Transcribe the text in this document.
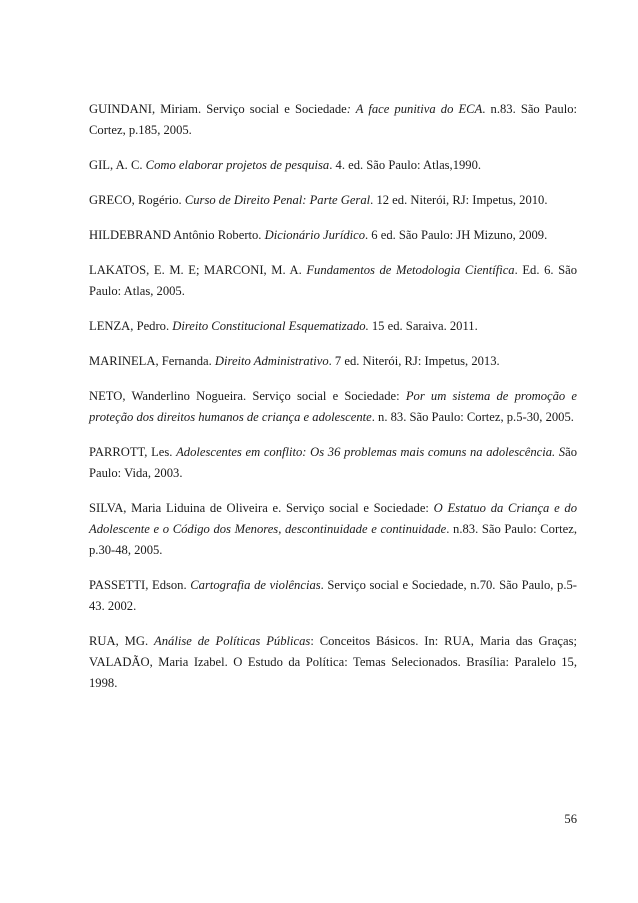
GUINDANI, Miriam. Serviço social e Sociedade: A face punitiva do ECA. n.83. São Paulo: Cortez, p.185, 2005.

GIL, A. C. Como elaborar projetos de pesquisa. 4. ed. São Paulo: Atlas,1990.

GRECO, Rogério. Curso de Direito Penal: Parte Geral. 12 ed. Niterói, RJ: Impetus, 2010.

HILDEBRAND Antônio Roberto. Dicionário Jurídico. 6 ed. São Paulo: JH Mizuno, 2009.

LAKATOS, E. M. E; MARCONI, M. A. Fundamentos de Metodologia Científica. Ed. 6. São Paulo: Atlas, 2005.

LENZA, Pedro. Direito Constitucional Esquematizado. 15 ed. Saraiva. 2011.

MARINELA, Fernanda. Direito Administrativo. 7 ed. Niterói, RJ: Impetus, 2013.

NETO, Wanderlino Nogueira. Serviço social e Sociedade: Por um sistema de promoção e proteção dos direitos humanos de criança e adolescente. n. 83. São Paulo: Cortez, p.5-30, 2005.

PARROTT, Les. Adolescentes em conflito: Os 36 problemas mais comuns na adolescência. São Paulo: Vida, 2003.

SILVA, Maria Liduina de Oliveira e. Serviço social e Sociedade: O Estatuo da Criança e do Adolescente e o Código dos Menores, descontinuidade e continuidade. n.83. São Paulo: Cortez, p.30-48, 2005.

PASSETTI, Edson. Cartografia de violências. Serviço social e Sociedade, n.70. São Paulo, p.5-43. 2002.

RUA, MG. Análise de Políticas Públicas: Conceitos Básicos. In: RUA, Maria das Graças; VALADÃO, Maria Izabel. O Estudo da Política: Temas Selecionados. Brasília: Paralelo 15, 1998.

56
